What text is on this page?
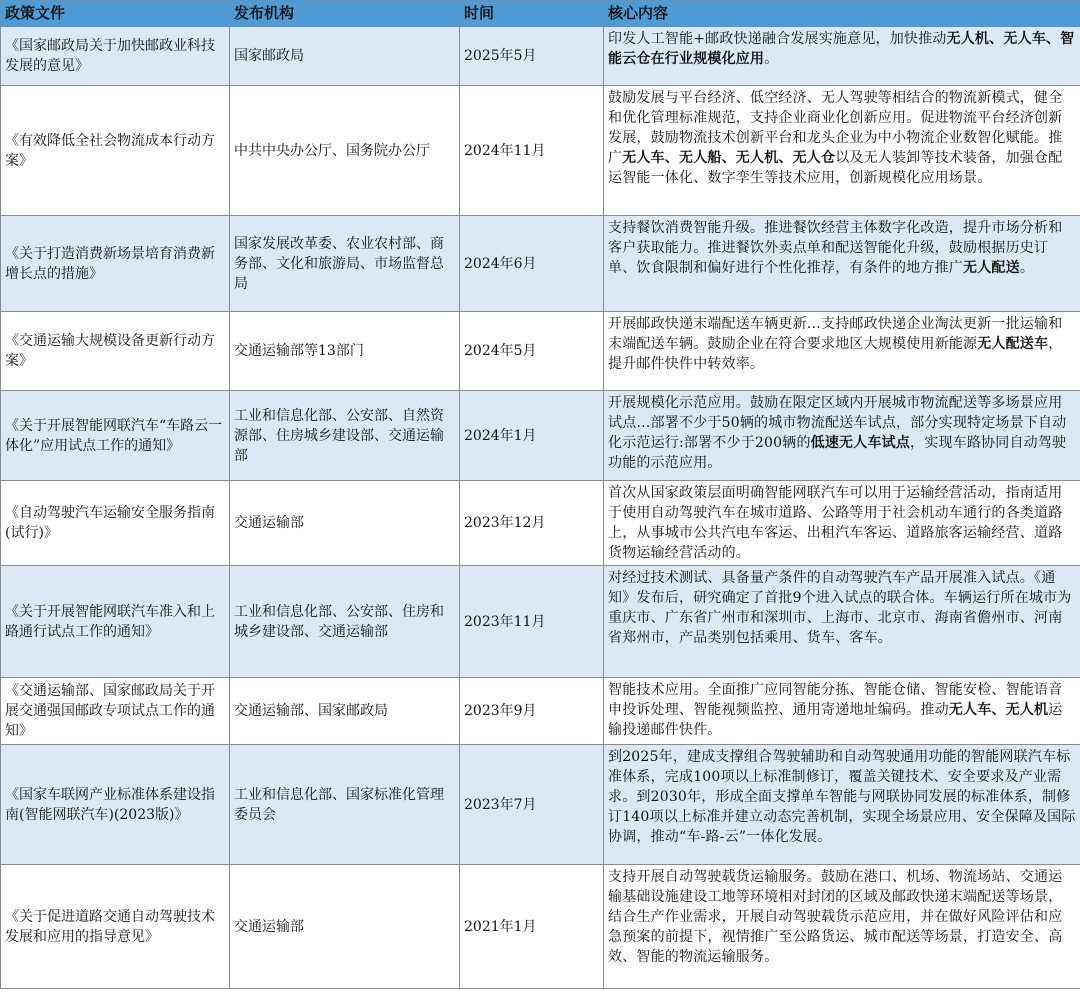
政策文件	发布机构	时间	核心内容
《国家邮政局关于加快邮政业科技发展的意见》	国家邮政局	2025年5月	印发人工智能+邮政快递融合发展实施意见，加快推动无人机、无人车、智能云仓在行业规模化应用。
《有效降低全社会物流成本行动方案》	中共中央办公厅、国务院办公厅	2024年11月	鼓励发展与平台经济、低空经济、无人驾驶等相结合的物流新模式，健全和优化管理标准规范，支持企业商业化创新应用。促进物流平台经济创新发展，鼓励物流技术创新平台和龙头企业为中小物流企业数智化赋能。推广无人车、无人船、无人机、无人仓以及无人装卸等技术装备，加强仓配运智能一体化、数字孪生等技术应用，创新规模化应用场景。
《关于打造消费新场景培育消费新增长点的措施》	国家发展改革委、农业农村部、商务部、文化和旅游局、市场监督总局	2024年6月	支持餐饮消费智能升级。推进餐饮经营主体数字化改造，提升市场分析和客户获取能力。推进餐饮外卖点单和配送智能化升级，鼓励根据历史订单、饮食限制和偏好进行个性化推荐，有条件的地方推广无人配送。
《交通运输大规模设备更新行动方案》	交通运输部等13部门	2024年5月	开展邮政快递末端配送车辆更新…支持邮政快递企业淘汰更新一批运输和末端配送车辆。鼓励企业在符合要求地区大规模使用新能源无人配送车，提升邮件快件中转效率。
《关于开展智能网联汽车“车路云一体化”应用试点工作的通知》	工业和信息化部、公安部、自然资源部、住房城乡建设部、交通运输部	2024年1月	开展规模化示范应用。鼓励在限定区域内开展城市物流配送等多场景应用试点…部署不少于50辆的城市物流配送车试点，部分实现特定场景下自动化示范运行:部署不少于200辆的低速无人车试点，实现车路协同自动驾驶功能的示范应用。
《自动驾驶汽车运输安全服务指南(试行)》	交通运输部	2023年12月	首次从国家政策层面明确智能网联汽车可以用于运输经营活动，指南适用于使用自动驾驶汽车在城市道路、公路等用于社会机动车通行的各类道路上，从事城市公共汽电车客运、出租汽车客运、道路旅客运输经营、道路货物运输经营活动的。
《关于开展智能网联汽车准入和上路通行试点工作的通知》	工业和信息化部、公安部、住房和城乡建设部、交通运输部	2023年11月	对经过技术测试、具备量产条件的自动驾驶汽车产品开展准入试点。《通知》发布后，研究确定了首批9个进入试点的联合体。车辆运行所在城市为重庆市、广东省广州市和深圳市、上海市、北京市、海南省儋州市、河南省郑州市，产品类别包括乘用、货车、客车。
《交通运输部、国家邮政局关于开展交通强国邮政专项试点工作的通知》	交通运输部、国家邮政局	2023年9月	智能技术应用。全面推广应同智能分拣、智能仓储、智能安检、智能语音申投诉处理、智能视频监控、通用寄递地址编码。推动无人车、无人机运输投递邮件快件。
《国家车联网产业标准体系建设指南(智能网联汽车)(2023版)》	工业和信息化部、国家标准化管理委员会	2023年7月	到2025年，建成支撑组合驾驶辅助和自动驾驶通用功能的智能网联汽车标准体系，完成100项以上标准制修订，覆盖关键技术、安全要求及产业需求。到2030年，形成全面支撑单车智能与网联协同发展的标准体系，制修订140项以上标准并建立动态完善机制，实现全场景应用、安全保障及国际协调，推动“车-路-云”一体化发展。
《关于促进道路交通自动驾驶技术发展和应用的指导意见》	交通运输部	2021年1月	支持开展自动驾驶载货运输服务。鼓励在港口、机场、物流场站、交通运输基础设施建设工地等环境相对封闭的区域及邮政快递末端配送等场景，结合生产作业需求，开展自动驾驶载货示范应用，并在做好风险评估和应急预案的前提下，视情推广至公路货运、城市配送等场景，打造安全、高效、智能的物流运输服务。
